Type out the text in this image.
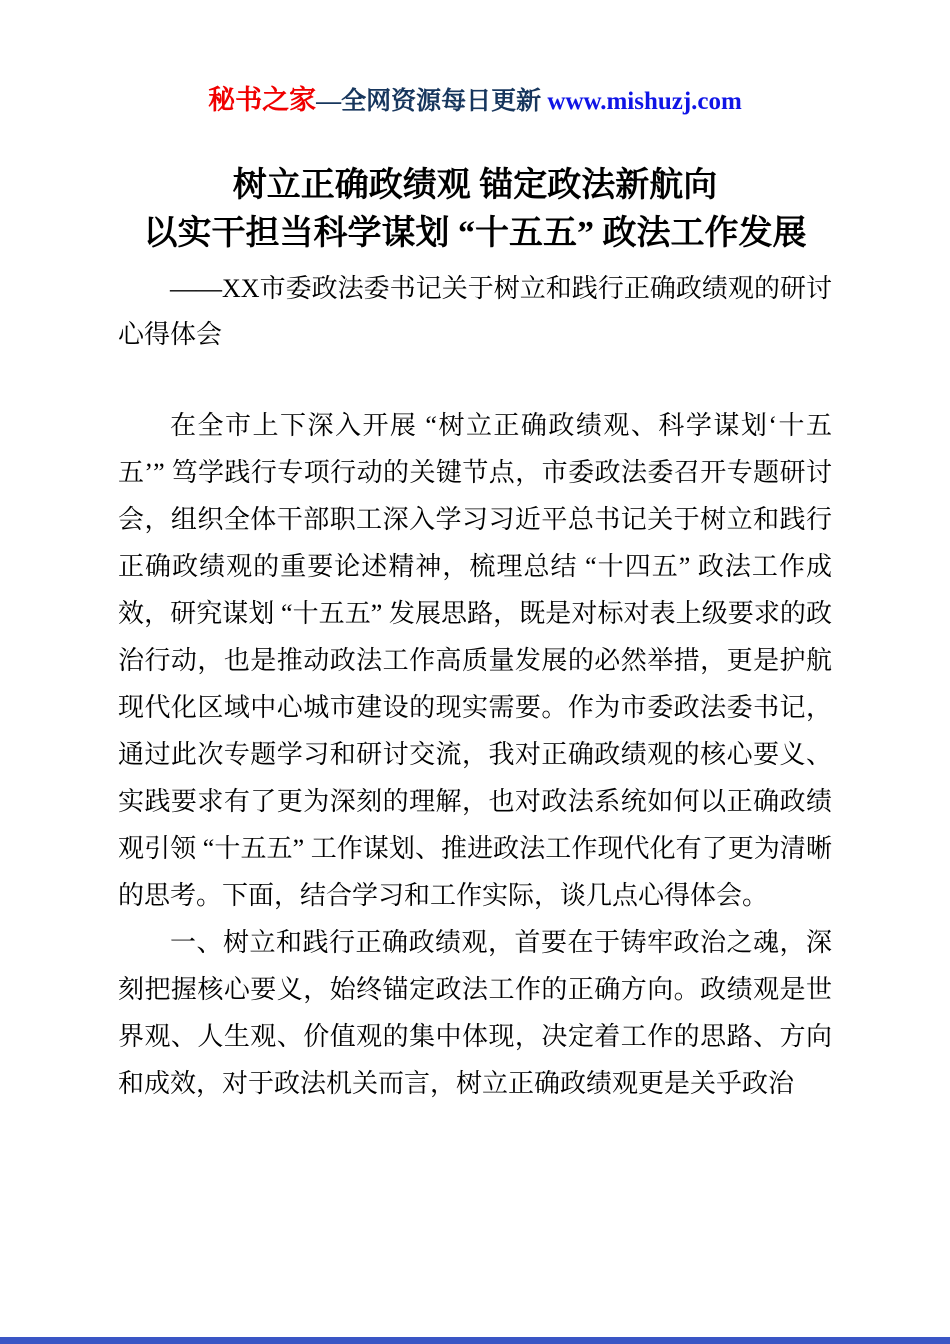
秘书之家—全网资源每日更新 www.mishuzj.com
树立正确政绩观 锚定政法新航向
以实干担当科学谋划 “十五五” 政法工作发展

——XX市委政法委书记关于树立和践行正确政绩观的研讨心得体会

在全市上下深入开展 “树立正确政绩观、科学谋划‘十五五’” 笃学践行专项行动的关键节点，市委政法委召开专题研讨会，组织全体干部职工深入学习习近平总书记关于树立和践行正确政绩观的重要论述精神，梳理总结 “十四五” 政法工作成效，研究谋划 “十五五” 发展思路，既是对标对表上级要求的政治行动，也是推动政法工作高质量发展的必然举措，更是护航现代化区域中心城市建设的现实需要。作为市委政法委书记，通过此次专题学习和研讨交流，我对正确政绩观的核心要义、实践要求有了更为深刻的理解，也对政法系统如何以正确政绩观引领 “十五五” 工作谋划、推进政法工作现代化有了更为清晰的思考。下面，结合学习和工作实际，谈几点心得体会。

一、树立和践行正确政绩观，首要在于铸牢政治之魂，深刻把握核心要义，始终锚定政法工作的正确方向。政绩观是世界观、人生观、价值观的集中体现，决定着工作的思路、方向和成效，对于政法机关而言，树立正确政绩观更是关乎政治
